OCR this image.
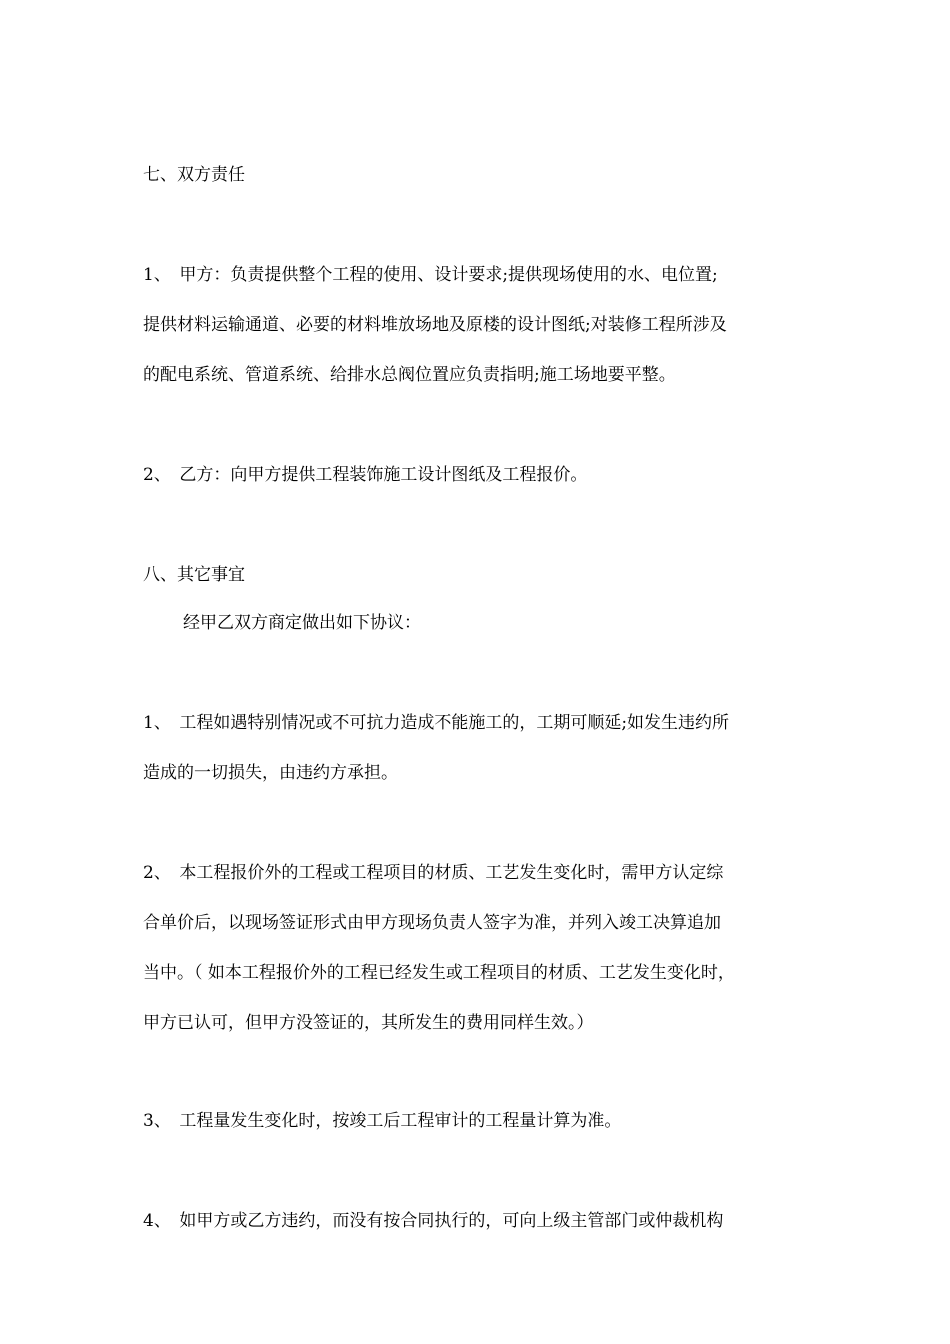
七、双方责任

1、　甲方：负责提供整个工程的使用、设计要求;提供现场使用的水、电位置;

提供材料运输通道、必要的材料堆放场地及原楼的设计图纸;对装修工程所涉及

的配电系统、管道系统、给排水总阀位置应负责指明;施工场地要平整。

2、　乙方：向甲方提供工程装饰施工设计图纸及工程报价。

八、其它事宜

经甲乙双方商定做出如下协议：

1、　工程如遇特别情况或不可抗力造成不能施工的，工期可顺延;如发生违约所

造成的一切损失，由违约方承担。

2、　本工程报价外的工程或工程项目的材质、工艺发生变化时，需甲方认定综

合单价后，以现场签证形式由甲方现场负责人签字为准，并列入竣工决算追加

当中。（ 如本工程报价外的工程已经发生或工程项目的材质、工艺发生变化时，

甲方已认可，但甲方没签证的，其所发生的费用同样生效。）

3、　工程量发生变化时，按竣工后工程审计的工程量计算为准。

4、　如甲方或乙方违约，而没有按合同执行的，可向上级主管部门或仲裁机构
